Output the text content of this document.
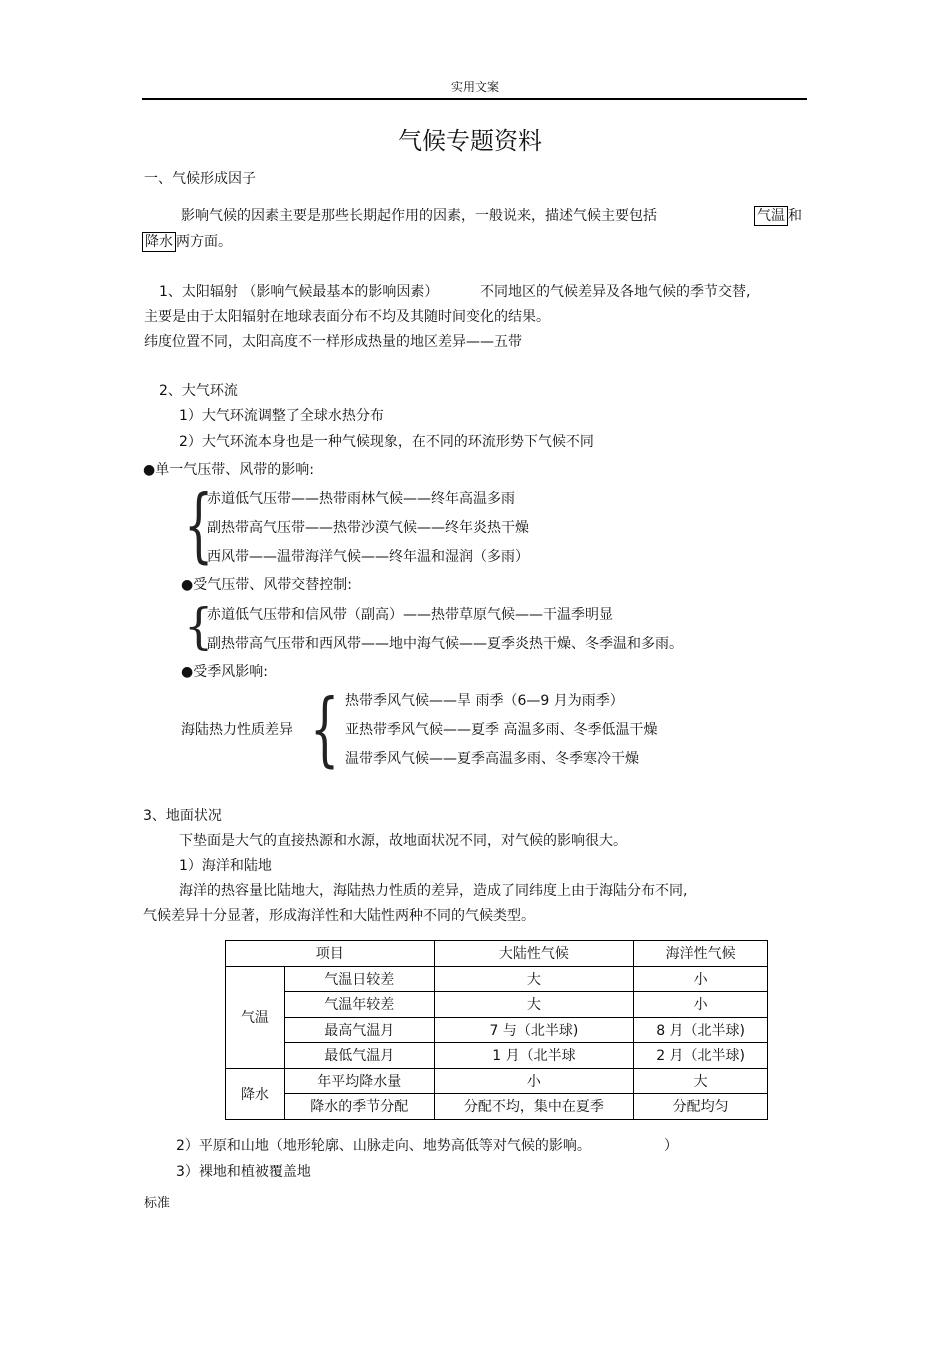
实用文案
气候专题资料
一、气候形成因子
影响气候的因素主要是那些长期起作用的因素，一般说来，描述气候主要包括	气温 和
降水 两方面。
1、太阳辐射 （影响气候最基本的影响因素）	不同地区的气候差异及各地气候的季节交替,
主要是由于太阳辐射在地球表面分布不均及其随时间变化的结果。
纬度位置不同，太阳高度不一样形成热量的地区差异——五带
2、大气环流
1）大气环流调整了全球水热分布
2）大气环流本身也是一种气候现象，在不同的环流形势下气候不同
●单一气压带、风带的影响:
{
赤道低气压带——热带雨林气候——终年高温多雨
副热带高气压带——热带沙漠气候——终年炎热干燥
西风带——温带海洋气候——终年温和湿润（多雨）
●受气压带、风带交替控制:
{
赤道低气压带和信风带（副高）——热带草原气候——干温季明显
副热带高气压带和西风带——地中海气候——夏季炎热干燥、冬季温和多雨。
●受季风影响:
海陆热力性质差异 { 热带季风气候——旱 雨季（6—9 月为雨季）
亚热带季风气候——夏季 高温多雨、冬季低温干燥
温带季风气候——夏季高温多雨、冬季寒冷干燥
3、地面状况
下垫面是大气的直接热源和水源，故地面状况不同，对气候的影响很大。
1）海洋和陆地
海洋的热容量比陆地大，海陆热力性质的差异，造成了同纬度上由于海陆分布不同,
气候差异十分显著，形成海洋性和大陆性两种不同的气候类型。
项目		大陆性气候	海洋性气候
气温	气温日较差	大	小
	气温年较差	大	小
	最高气温月	7 与（北半球)	8 月（北半球)
	最低气温月	1 月（北半球	2 月（北半球)
降水	年平均降水量	小	大
	降水的季节分配	分配不均，集中在夏季	分配均匀
2）平原和山地（地形轮廓、山脉走向、地势高低等对气候的影响。	）
3）裸地和植被覆盖地
标准
